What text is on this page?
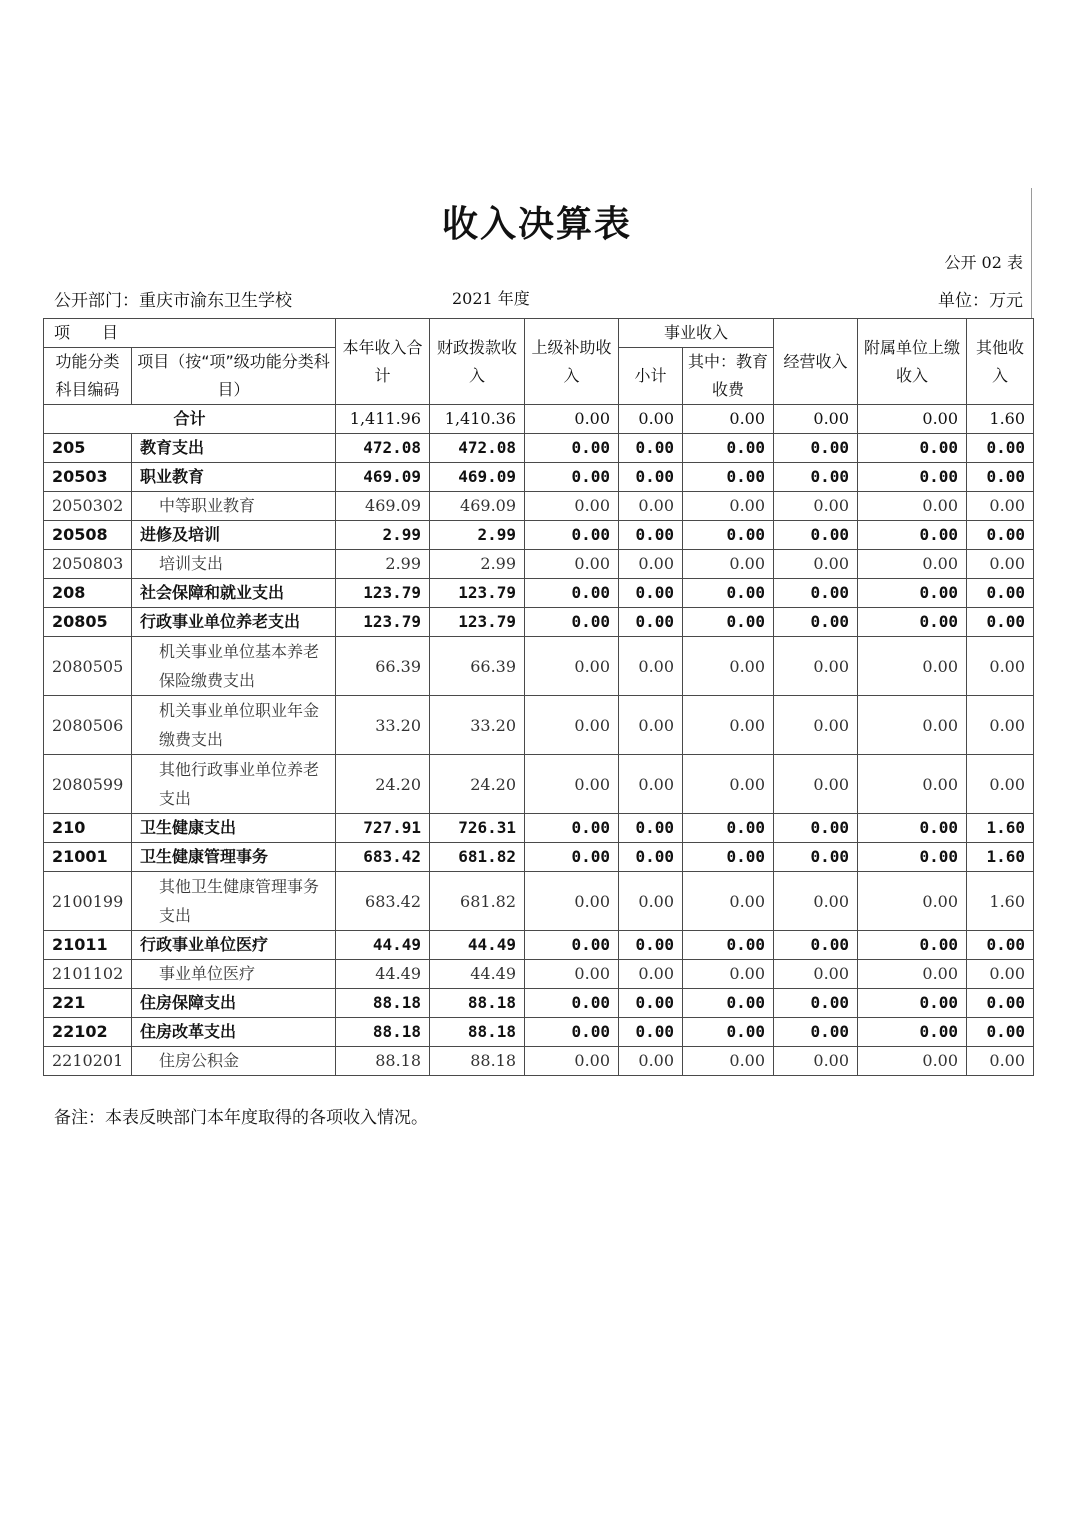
收入决算表
公开 02 表
公开部门：重庆市渝东卫生学校	2021 年度	单位：万元
项　　目		本年收入合计	财政拨款收入	上级补助收入	事业收入		经营收入	附属单位上缴收入	其他收入
功能分类科目编码	项目（按“项”级功能分类科目）								
					小计	其中：教育收费			
合计		1,411.96	1,410.36	0.00	0.00	0.00	0.00	0.00	1.60
205	教育支出	472.08	472.08	0.00	0.00	0.00	0.00	0.00	0.00
20503	职业教育	469.09	469.09	0.00	0.00	0.00	0.00	0.00	0.00
2050302	中等职业教育	469.09	469.09	0.00	0.00	0.00	0.00	0.00	0.00
20508	进修及培训	2.99	2.99	0.00	0.00	0.00	0.00	0.00	0.00
2050803	培训支出	2.99	2.99	0.00	0.00	0.00	0.00	0.00	0.00
208	社会保障和就业支出	123.79	123.79	0.00	0.00	0.00	0.00	0.00	0.00
20805	行政事业单位养老支出	123.79	123.79	0.00	0.00	0.00	0.00	0.00	0.00
2080505	机关事业单位基本养老保险缴费支出	66.39	66.39	0.00	0.00	0.00	0.00	0.00	0.00
2080506	机关事业单位职业年金缴费支出	33.20	33.20	0.00	0.00	0.00	0.00	0.00	0.00
2080599	其他行政事业单位养老支出	24.20	24.20	0.00	0.00	0.00	0.00	0.00	0.00
210	卫生健康支出	727.91	726.31	0.00	0.00	0.00	0.00	0.00	1.60
21001	卫生健康管理事务	683.42	681.82	0.00	0.00	0.00	0.00	0.00	1.60
2100199	其他卫生健康管理事务支出	683.42	681.82	0.00	0.00	0.00	0.00	0.00	1.60
21011	行政事业单位医疗	44.49	44.49	0.00	0.00	0.00	0.00	0.00	0.00
2101102	事业单位医疗	44.49	44.49	0.00	0.00	0.00	0.00	0.00	0.00
221	住房保障支出	88.18	88.18	0.00	0.00	0.00	0.00	0.00	0.00
22102	住房改革支出	88.18	88.18	0.00	0.00	0.00	0.00	0.00	0.00
2210201	住房公积金	88.18	88.18	0.00	0.00	0.00	0.00	0.00	0.00
备注：本表反映部门本年度取得的各项收入情况。
